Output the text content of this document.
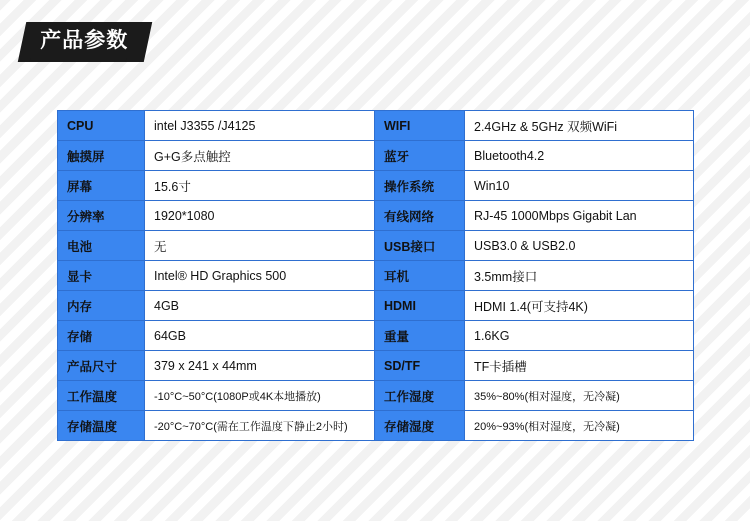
产品参数
CPU	intel J3355 /J4125	WIFI	2.4GHz & 5GHz 双频WiFi
触摸屏	G+G多点触控	蓝牙	Bluetooth4.2
屏幕	15.6寸	操作系统	Win10
分辨率	1920*1080	有线网络	RJ-45 1000Mbps Gigabit Lan
电池	无	USB接口	USB3.0 & USB2.0
显卡	Intel® HD Graphics 500	耳机	3.5mm接口
内存	4GB	HDMI	HDMI 1.4(可支持4K)
存储	64GB	重量	1.6KG
产品尺寸	379 x 241 x 44mm	SD/TF	TF卡插槽
工作温度	-10°C~50°C(1080P或4K本地播放)	工作湿度	35%~80%(相对湿度，无冷凝)
存储温度	-20°C~70°C(需在工作温度下静止2小时)	存储湿度	20%~93%(相对湿度，无冷凝)
